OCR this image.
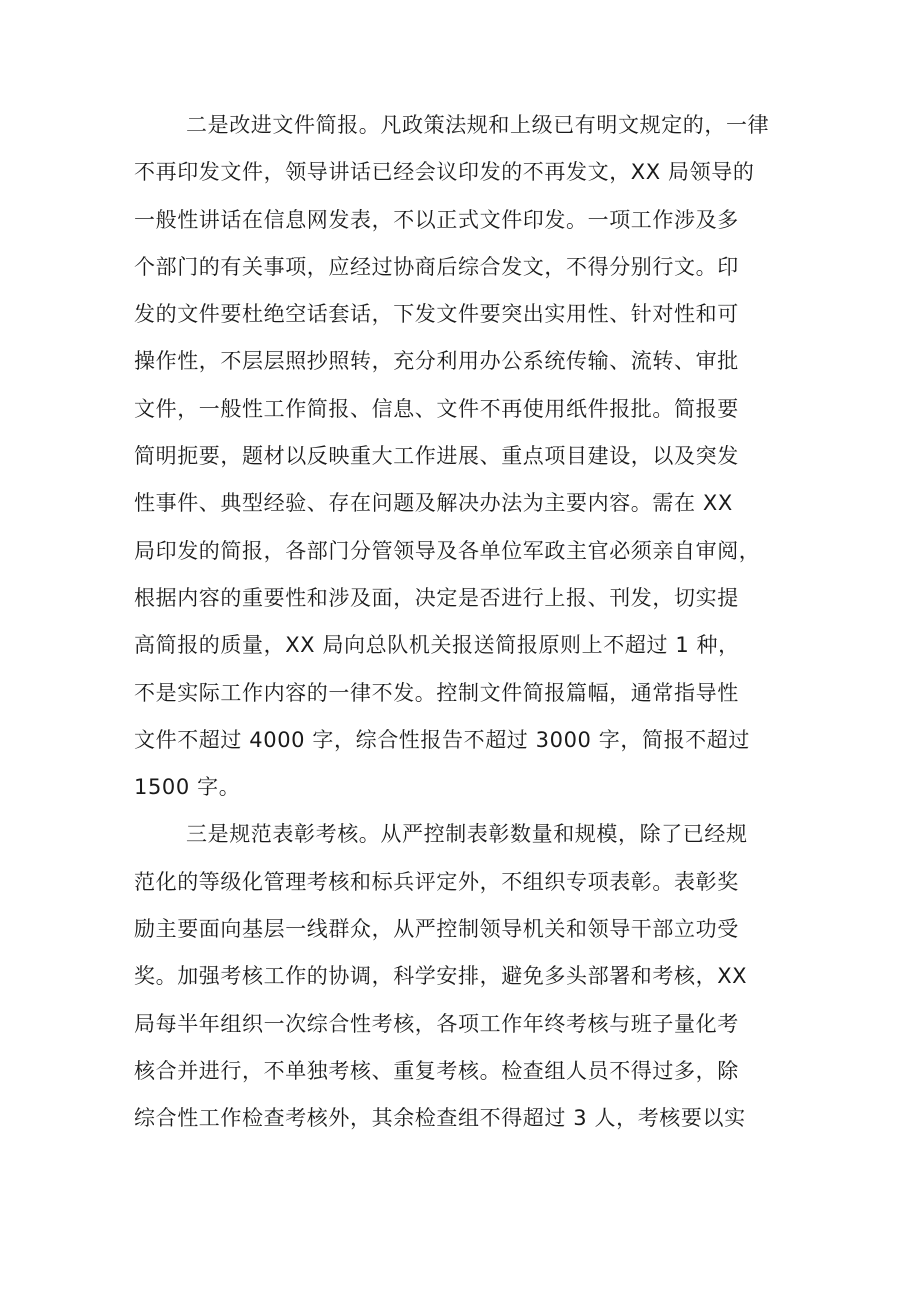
二是改进文件简报。凡政策法规和上级已有明文规定的，一律
不再印发文件，领导讲话已经会议印发的不再发文，XX 局领导的
一般性讲话在信息网发表，不以正式文件印发。一项工作涉及多
个部门的有关事项，应经过协商后综合发文，不得分别行文。印
发的文件要杜绝空话套话，下发文件要突出实用性、针对性和可
操作性，不层层照抄照转，充分利用办公系统传输、流转、审批
文件，一般性工作简报、信息、文件不再使用纸件报批。简报要
简明扼要，题材以反映重大工作进展、重点项目建设，以及突发
性事件、典型经验、存在问题及解决办法为主要内容。需在 XX
局印发的简报，各部门分管领导及各单位军政主官必须亲自审阅，
根据内容的重要性和涉及面，决定是否进行上报、刊发，切实提
高简报的质量，XX 局向总队机关报送简报原则上不超过 1 种，
不是实际工作内容的一律不发。控制文件简报篇幅，通常指导性
文件不超过 4000 字，综合性报告不超过 3000 字，简报不超过
1500 字。
三是规范表彰考核。从严控制表彰数量和规模，除了已经规
范化的等级化管理考核和标兵评定外，不组织专项表彰。表彰奖
励主要面向基层一线群众，从严控制领导机关和领导干部立功受
奖。加强考核工作的协调，科学安排，避免多头部署和考核，XX
局每半年组织一次综合性考核，各项工作年终考核与班子量化考
核合并进行，不单独考核、重复考核。检查组人员不得过多，除
综合性工作检查考核外，其余检查组不得超过 3 人，考核要以实
